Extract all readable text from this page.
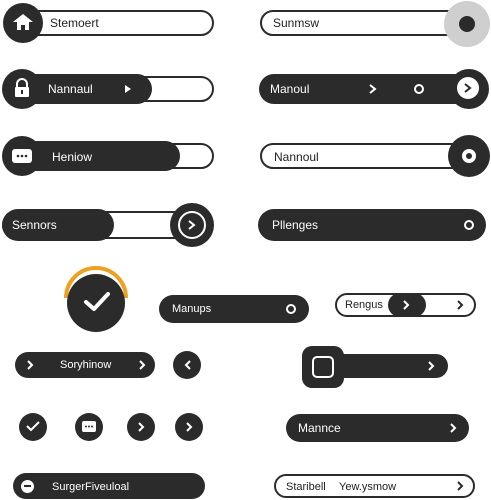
Stemoert	Sunmsw
Nannaul	Manoul
Heniow	Nannoul
Sennors	Pllenges
Manups	Rengus
Soryhinow
Mannce
SurgerFiveuloal	Staribell Yew.ysmow
